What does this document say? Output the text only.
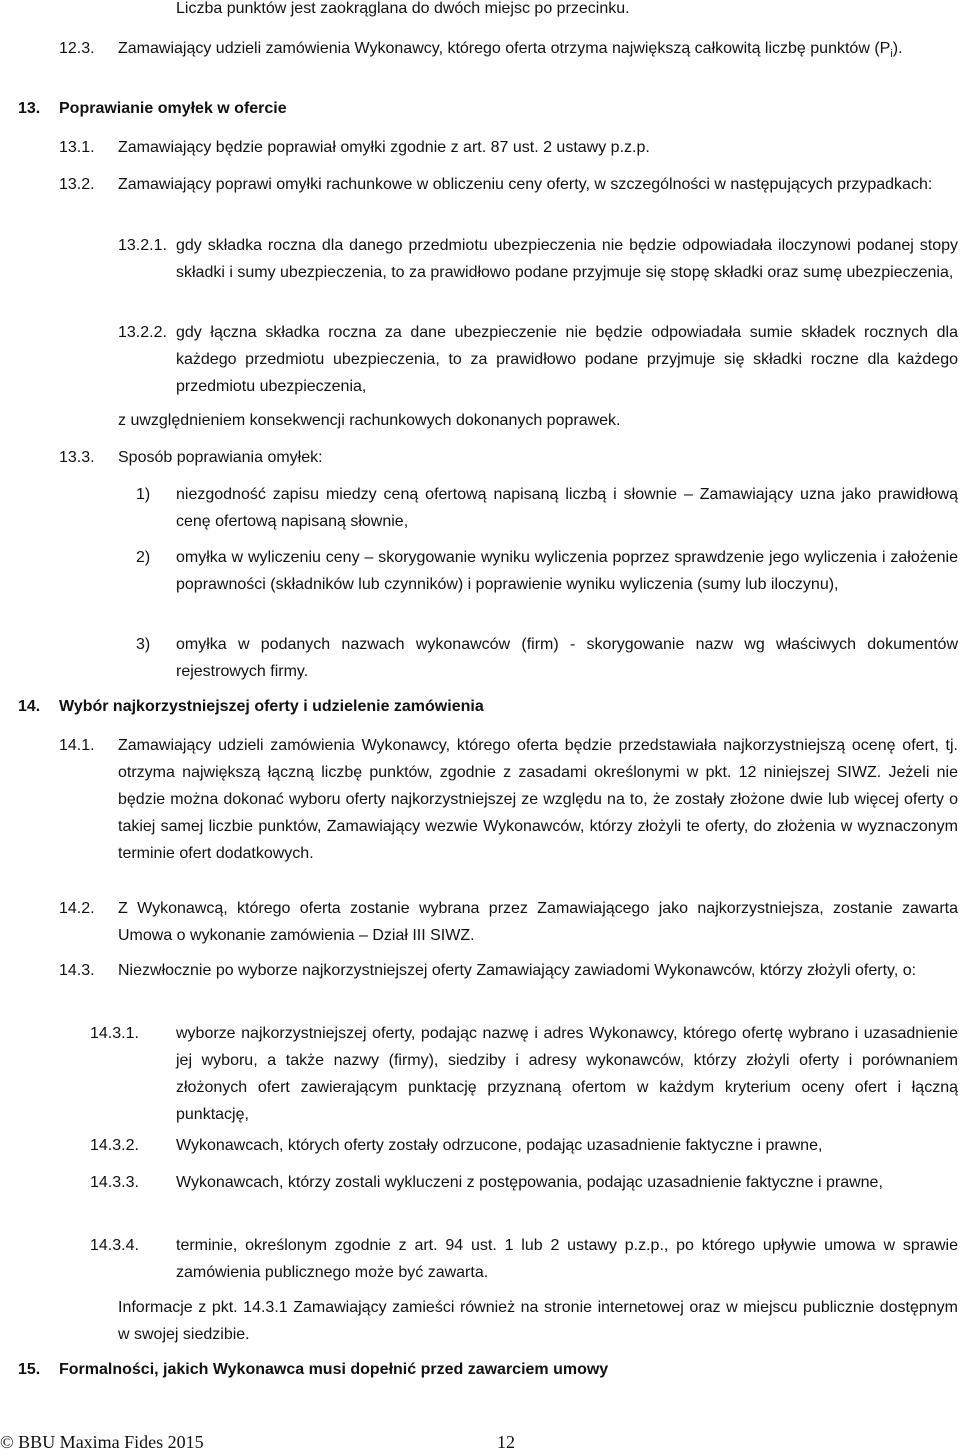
Liczba punktów jest zaokrąglana do dwóch miejsc po przecinku.
12.3. Zamawiający udzieli zamówienia Wykonawcy, którego oferta otrzyma największą całkowitą liczbę punktów $(P_i)$.
13. Poprawianie omyłek w ofercie
13.1. Zamawiający będzie poprawiał omyłki zgodnie z art. 87 ust. 2 ustawy p.z.p.
13.2. Zamawiający poprawi omyłki rachunkowe w obliczeniu ceny oferty, w szczególności w następujących przypadkach:
13.2.1. gdy składka roczna dla danego przedmiotu ubezpieczenia nie będzie odpowiadała iloczynowi podanej stopy składki i sumy ubezpieczenia, to za prawidłowo podane przyjmuje się stopę składki oraz sumę ubezpieczenia,
13.2.2. gdy łączna składka roczna za dane ubezpieczenie nie będzie odpowiadała sumie składek rocznych dla każdego przedmiotu ubezpieczenia, to za prawidłowo podane przyjmuje się składki roczne dla każdego przedmiotu ubezpieczenia,
z uwzględnieniem konsekwencji rachunkowych dokonanych poprawek.
13.3. Sposób poprawiania omyłek:
1) niezgodność zapisu miedzy ceną ofertową napisaną liczbą i słownie – Zamawiający uzna jako prawidłową cenę ofertową napisaną słownie,
2) omyłka w wyliczeniu ceny – skorygowanie wyniku wyliczenia poprzez sprawdzenie jego wyliczenia i założenie poprawności (składników lub czynników) i poprawienie wyniku wyliczenia (sumy lub iloczynu),
3) omyłka w podanych nazwach wykonawców (firm) - skorygowanie nazw wg właściwych dokumentów rejestrowych firmy.
14. Wybór najkorzystniejszej oferty i udzielenie zamówienia
14.1. Zamawiający udzieli zamówienia Wykonawcy, którego oferta będzie przedstawiała najkorzystniejszą ocenę ofert, tj. otrzyma największą łączną liczbę punktów, zgodnie z zasadami określonymi w pkt. 12 niniejszej SIWZ. Jeżeli nie będzie można dokonać wyboru oferty najkorzystniejszej ze względu na to, że zostały złożone dwie lub więcej oferty o takiej samej liczbie punktów, Zamawiający wezwie Wykonawców, którzy złożyli te oferty, do złożenia w wyznaczonym terminie ofert dodatkowych.
14.2. Z Wykonawcą, którego oferta zostanie wybrana przez Zamawiającego jako najkorzystniejsza, zostanie zawarta Umowa o wykonanie zamówienia – Dział III SIWZ.
14.3. Niezwłocznie po wyborze najkorzystniejszej oferty Zamawiający zawiadomi Wykonawców, którzy złożyli oferty, o:
14.3.1. wyborze najkorzystniejszej oferty, podając nazwę i adres Wykonawcy, którego ofertę wybrano i uzasadnienie jej wyboru, a także nazwy (firmy), siedziby i adresy wykonawców, którzy złożyli oferty i porównaniem złożonych ofert zawierającym punktację przyznaną ofertom w każdym kryterium oceny ofert i łączną punktację,
14.3.2. Wykonawcach, których oferty zostały odrzucone, podając uzasadnienie faktyczne i prawne,
14.3.3. Wykonawcach, którzy zostali wykluczeni z postępowania, podając uzasadnienie faktyczne i prawne,
14.3.4. terminie, określonym zgodnie z art. 94 ust. 1 lub 2 ustawy p.z.p., po którego upływie umowa w sprawie zamówienia publicznego może być zawarta.
Informacje z pkt. 14.3.1 Zamawiający zamieści również na stronie internetowej oraz w miejscu publicznie dostępnym w swojej siedzibie.
15. Formalności, jakich Wykonawca musi dopełnić przed zawarciem umowy
© BBU Maxima Fides 2015	12
